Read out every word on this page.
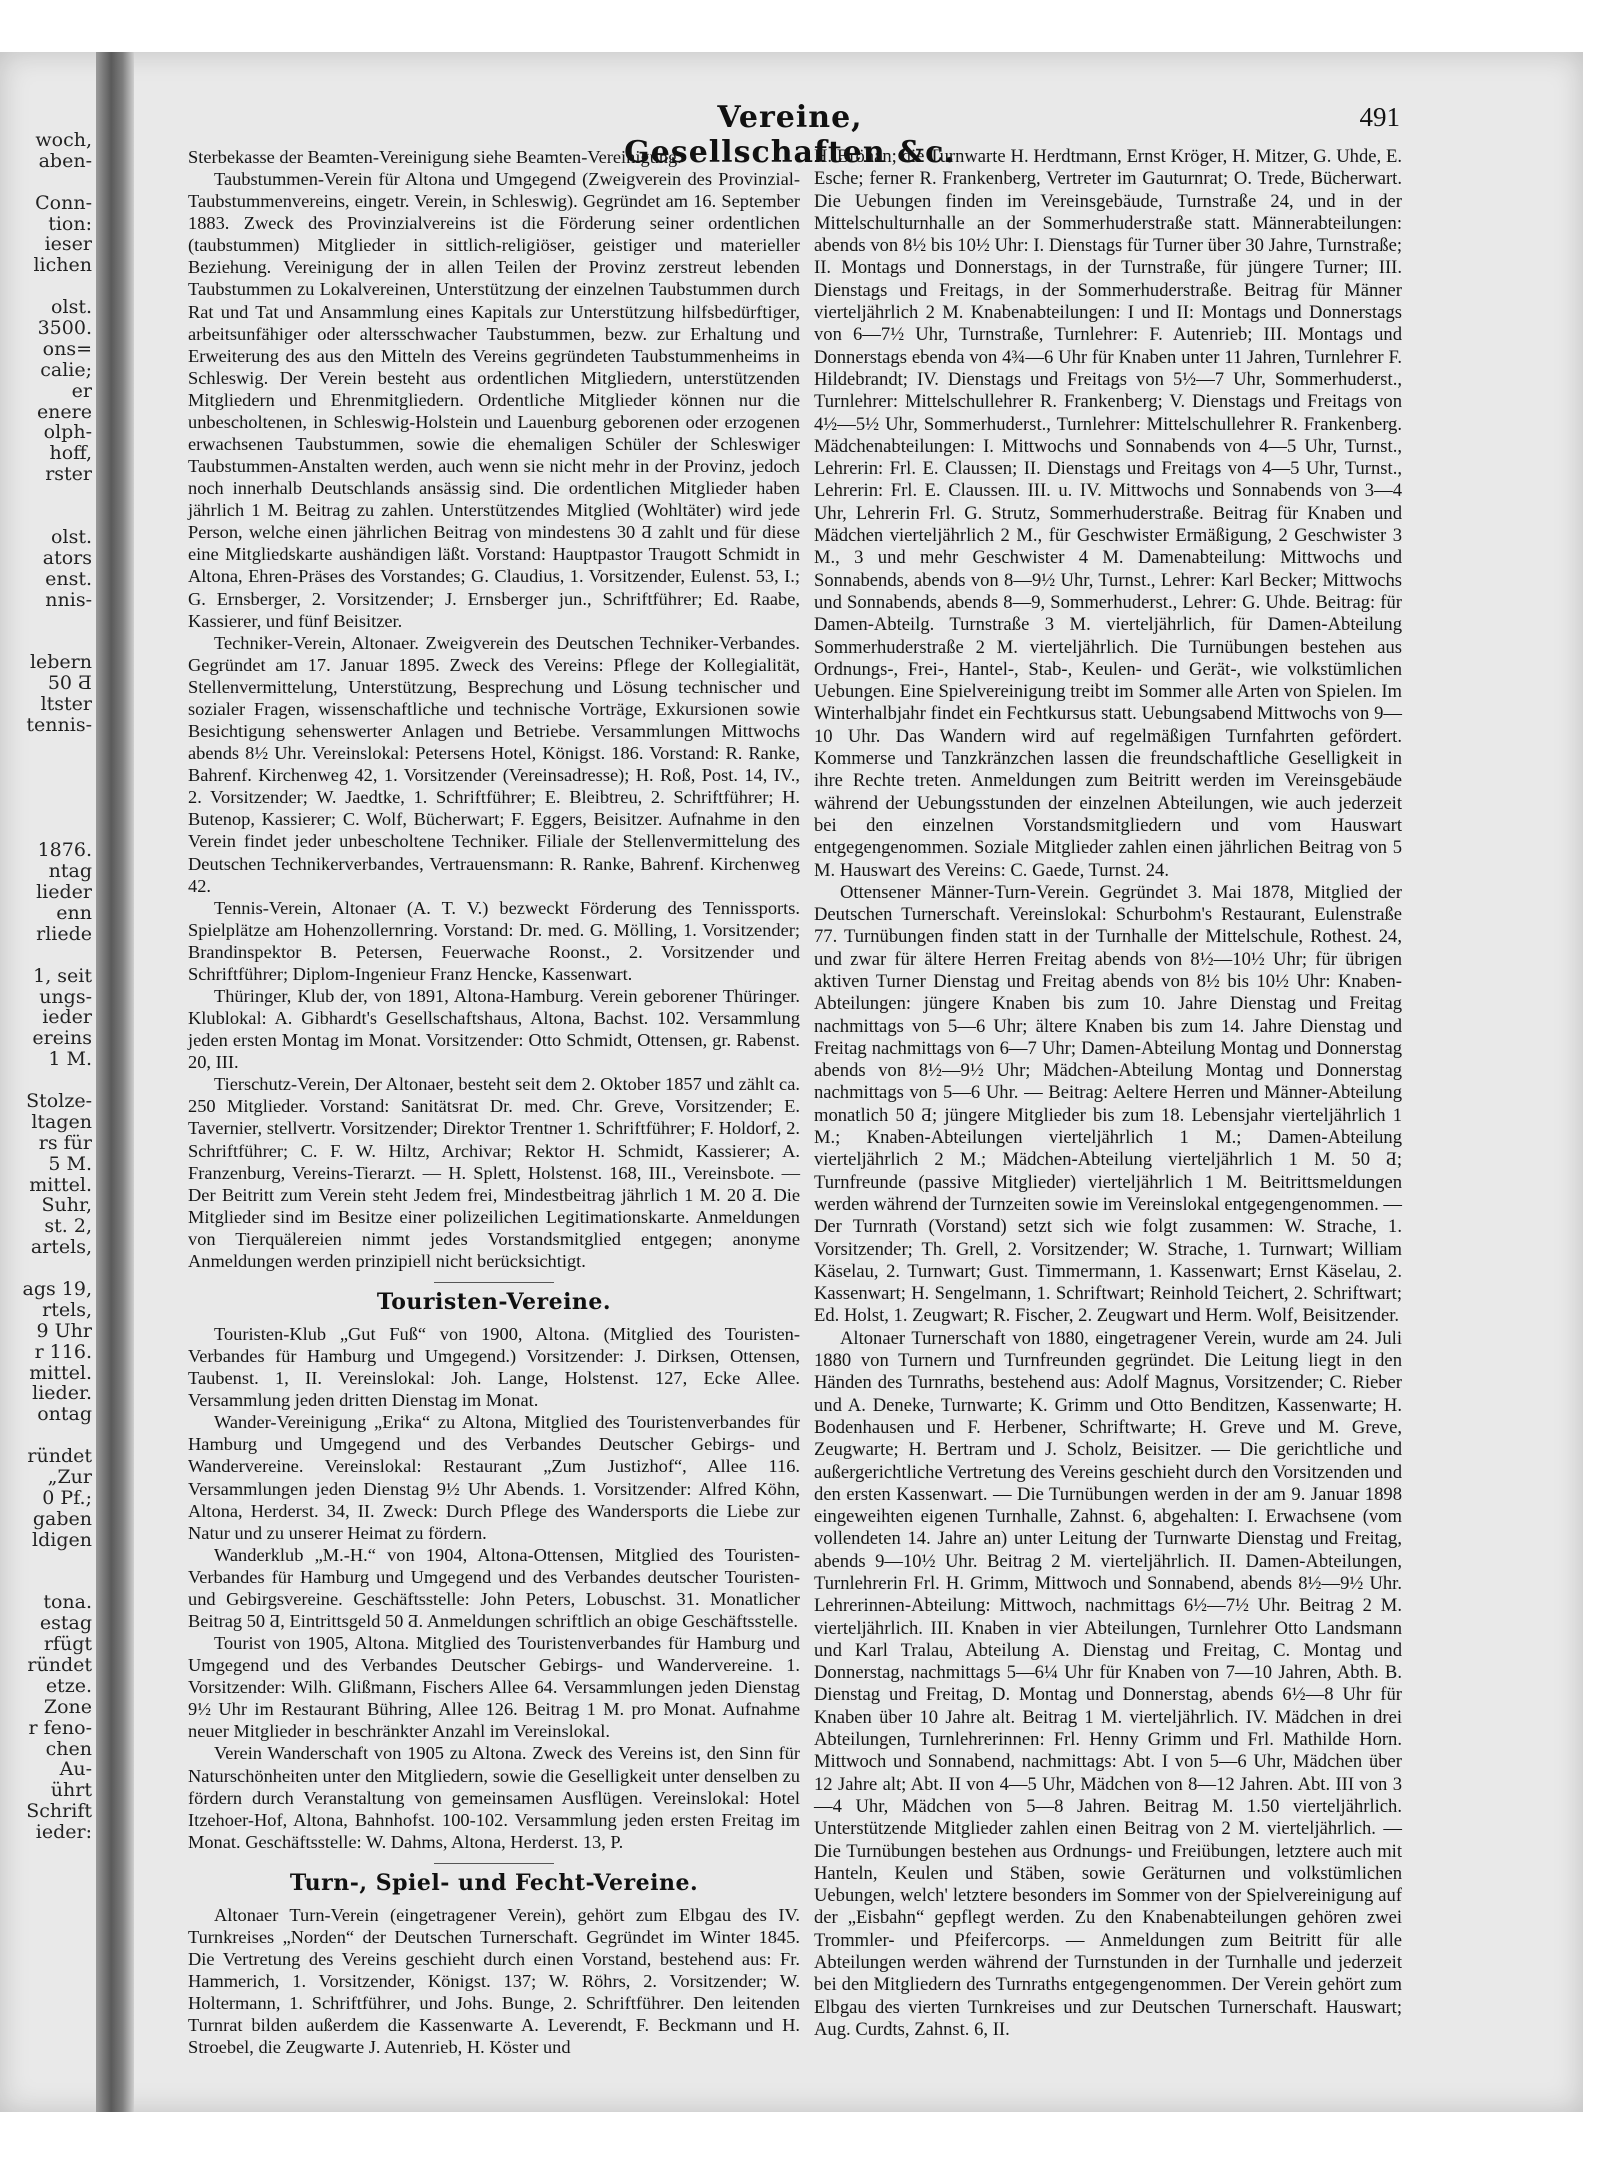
woch,
aben-
Conn-
tion:
ieser
lichen
olst.
3500.
ons=
calie;
er
enere
olph-
hoff,
rster
olst.
ators
enst.
nnis-
lebern
50 Ƌ
ltster
tennis-
1876.
ntag
lieder
enn
rliede
1, seit
ungs-
ieder
ereins
1 M.
Stolze-
ltagen
rs für
5 M.
mittel.
Suhr,
st. 2,
artels,
ags 19,
rtels,
9 Uhr
r 116.
mittel.
lieder.
ontag
ründet
„Zur
0 Pf.;
gaben
ldigen
tona.
estag
rfügt
ründet
etze.
Zone
r feno-
chen
Au-
ührt
Schrift
ieder:
Vereine, Gesellschaften &c.
491

Sterbekasse der Beamten-Vereinigung siehe Beamten-Vereinigung.

Taubstummen-Verein für Altona und Umgegend (Zweigverein des Provinzial-Taubstummenvereins, eingetr. Verein, in Schleswig). Gegründet am 16. September 1883. Zweck des Provinzialvereins ist die Förderung seiner ordentlichen (taubstummen) Mitglieder in sittlich-religiöser, geistiger und materieller Beziehung. Vereinigung der in allen Teilen der Provinz zerstreut lebenden Taubstummen zu Lokalvereinen, Unterstützung der einzelnen Taubstummen durch Rat und Tat und Ansammlung eines Kapitals zur Unterstützung hilfsbedürftiger, arbeitsunfähiger oder altersschwacher Taubstummen, bezw. zur Erhaltung und Erweiterung des aus den Mitteln des Vereins gegründeten Taubstummenheims in Schleswig. Der Verein besteht aus ordentlichen Mitgliedern, unterstützenden Mitgliedern und Ehrenmitgliedern. Ordentliche Mitglieder können nur die unbescholtenen, in Schleswig-Holstein und Lauenburg geborenen oder erzogenen erwachsenen Taubstummen, sowie die ehemaligen Schüler der Schleswiger Taubstummen-Anstalten werden, auch wenn sie nicht mehr in der Provinz, jedoch noch innerhalb Deutschlands ansässig sind. Die ordentlichen Mitglieder haben jährlich 1 M. Beitrag zu zahlen. Unterstützendes Mitglied (Wohltäter) wird jede Person, welche einen jährlichen Beitrag von mindestens 30 Ƌ zahlt und für diese eine Mitgliedskarte aushändigen läßt. Vorstand: Hauptpastor Traugott Schmidt in Altona, Ehren-Präses des Vorstandes; G. Claudius, 1. Vorsitzender, Eulenst. 53, I.; G. Ernsberger, 2. Vorsitzender; J. Ernsberger jun., Schriftführer; Ed. Raabe, Kassierer, und fünf Beisitzer.

Techniker-Verein, Altonaer. Zweigverein des Deutschen Techniker-Verbandes. Gegründet am 17. Januar 1895. Zweck des Vereins: Pflege der Kollegialität, Stellenvermittelung, Unterstützung, Besprechung und Lösung technischer und sozialer Fragen, wissenschaftliche und technische Vorträge, Exkursionen sowie Besichtigung sehenswerter Anlagen und Betriebe. Versammlungen Mittwochs abends 8½ Uhr. Vereinslokal: Petersens Hotel, Königst. 186. Vorstand: R. Ranke, Bahrenf. Kirchenweg 42, 1. Vorsitzender (Vereinsadresse); H. Roß, Post. 14, IV., 2. Vorsitzender; W. Jaedtke, 1. Schriftführer; E. Bleibtreu, 2. Schriftführer; H. Butenop, Kassierer; C. Wolf, Bücherwart; F. Eggers, Beisitzer. Aufnahme in den Verein findet jeder unbescholtene Techniker. Filiale der Stellenvermittelung des Deutschen Technikerverbandes, Vertrauensmann: R. Ranke, Bahrenf. Kirchenweg 42.

Tennis-Verein, Altonaer (A. T. V.) bezweckt Förderung des Tennissports. Spielplätze am Hohenzollernring. Vorstand: Dr. med. G. Mölling, 1. Vorsitzender; Brandinspektor B. Petersen, Feuerwache Roonst., 2. Vorsitzender und Schriftführer; Diplom-Ingenieur Franz Hencke, Kassenwart.

Thüringer, Klub der, von 1891, Altona-Hamburg. Verein geborener Thüringer. Klublokal: A. Gibhardt's Gesellschaftshaus, Altona, Bachst. 102. Versammlung jeden ersten Montag im Monat. Vorsitzender: Otto Schmidt, Ottensen, gr. Rabenst. 20, III.

Tierschutz-Verein, Der Altonaer, besteht seit dem 2. Oktober 1857 und zählt ca. 250 Mitglieder. Vorstand: Sanitätsrat Dr. med. Chr. Greve, Vorsitzender; E. Tavernier, stellvertr. Vorsitzender; Direktor Trentner 1. Schriftführer; F. Holdorf, 2. Schriftführer; C. F. W. Hiltz, Archivar; Rektor H. Schmidt, Kassierer; A. Franzenburg, Vereins-Tierarzt. — H. Splett, Holstenst. 168, III., Vereinsbote. — Der Beitritt zum Verein steht Jedem frei, Mindestbeitrag jährlich 1 M. 20 Ƌ. Die Mitglieder sind im Besitze einer polizeilichen Legitimationskarte. Anmeldungen von Tierquälereien nimmt jedes Vorstandsmitglied entgegen; anonyme Anmeldungen werden prinzipiell nicht berücksichtigt.

Touristen-Vereine.

Touristen-Klub „Gut Fuß“ von 1900, Altona. (Mitglied des Touristen-Verbandes für Hamburg und Umgegend.) Vorsitzender: J. Dirksen, Ottensen, Taubenst. 1, II. Vereinslokal: Joh. Lange, Holstenst. 127, Ecke Allee. Versammlung jeden dritten Dienstag im Monat.

Wander-Vereinigung „Erika“ zu Altona, Mitglied des Touristenverbandes für Hamburg und Umgegend und des Verbandes Deutscher Gebirgs- und Wandervereine. Vereinslokal: Restaurant „Zum Justizhof“, Allee 116. Versammlungen jeden Dienstag 9½ Uhr Abends. 1. Vorsitzender: Alfred Köhn, Altona, Herderst. 34, II. Zweck: Durch Pflege des Wandersports die Liebe zur Natur und zu unserer Heimat zu fördern.

Wanderklub „M.-H.“ von 1904, Altona-Ottensen, Mitglied des Touristen-Verbandes für Hamburg und Umgegend und des Verbandes deutscher Touristen- und Gebirgsvereine. Geschäftsstelle: John Peters, Lobuschst. 31. Monatlicher Beitrag 50 Ƌ, Eintrittsgeld 50 Ƌ. Anmeldungen schriftlich an obige Geschäftsstelle.

Tourist von 1905, Altona. Mitglied des Touristenverbandes für Hamburg und Umgegend und des Verbandes Deutscher Gebirgs- und Wandervereine. 1. Vorsitzender: Wilh. Glißmann, Fischers Allee 64. Versammlungen jeden Dienstag 9½ Uhr im Restaurant Bühring, Allee 126. Beitrag 1 M. pro Monat. Aufnahme neuer Mitglieder in beschränkter Anzahl im Vereinslokal.

Verein Wanderschaft von 1905 zu Altona. Zweck des Vereins ist, den Sinn für Naturschönheiten unter den Mitgliedern, sowie die Geselligkeit unter denselben zu fördern durch Veranstaltung von gemeinsamen Ausflügen. Vereinslokal: Hotel Itzehoer-Hof, Altona, Bahnhofst. 100-102. Versammlung jeden ersten Freitag im Monat. Geschäftsstelle: W. Dahms, Altona, Herderst. 13, P.

Turn-, Spiel- und Fecht-Vereine.

Altonaer Turn-Verein (eingetragener Verein), gehört zum Elbgau des IV. Turnkreises „Norden“ der Deutschen Turnerschaft. Gegründet im Winter 1845. Die Vertretung des Vereins geschieht durch einen Vorstand, bestehend aus: Fr. Hammerich, 1. Vorsitzender, Königst. 137; W. Röhrs, 2. Vorsitzender; W. Holtermann, 1. Schriftführer, und Johs. Bunge, 2. Schriftführer. Den leitenden Turnrat bilden außerdem die Kassenwarte A. Leverendt, F. Beckmann und H. Stroebel, die Zeugwarte J. Autenrieb, H. Köster und

H. Bröhan; die Turnwarte H. Herdtmann, Ernst Kröger, H. Mitzer, G. Uhde, E. Esche; ferner R. Frankenberg, Vertreter im Gauturnrat; O. Trede, Bücherwart. Die Uebungen finden im Vereinsgebäude, Turnstraße 24, und in der Mittelschulturnhalle an der Sommerhuderstraße statt. Männerabteilungen: abends von 8½ bis 10½ Uhr: I. Dienstags für Turner über 30 Jahre, Turnstraße; II. Montags und Donnerstags, in der Turnstraße, für jüngere Turner; III. Dienstags und Freitags, in der Sommerhuderstraße. Beitrag für Männer vierteljährlich 2 M. Knabenabteilungen: I und II: Montags und Donnerstags von 6—7½ Uhr, Turnstraße, Turnlehrer: F. Autenrieb; III. Montags und Donnerstags ebenda von 4¾—6 Uhr für Knaben unter 11 Jahren, Turnlehrer F. Hildebrandt; IV. Dienstags und Freitags von 5½—7 Uhr, Sommerhuderst., Turnlehrer: Mittelschullehrer R. Frankenberg; V. Dienstags und Freitags von 4½—5½ Uhr, Sommerhuderst., Turnlehrer: Mittelschullehrer R. Frankenberg. Mädchenabteilungen: I. Mittwochs und Sonnabends von 4—5 Uhr, Turnst., Lehrerin: Frl. E. Claussen; II. Dienstags und Freitags von 4—5 Uhr, Turnst., Lehrerin: Frl. E. Claussen. III. u. IV. Mittwochs und Sonnabends von 3—4 Uhr, Lehrerin Frl. G. Strutz, Sommerhuderstraße. Beitrag für Knaben und Mädchen vierteljährlich 2 M., für Geschwister Ermäßigung, 2 Geschwister 3 M., 3 und mehr Geschwister 4 M. Damenabteilung: Mittwochs und Sonnabends, abends von 8—9½ Uhr, Turnst., Lehrer: Karl Becker; Mittwochs und Sonnabends, abends 8—9, Sommerhuderst., Lehrer: G. Uhde. Beitrag: für Damen-Abteilg. Turnstraße 3 M. vierteljährlich, für Damen-Abteilung Sommerhuderstraße 2 M. vierteljährlich. Die Turnübungen bestehen aus Ordnungs-, Frei-, Hantel-, Stab-, Keulen- und Gerät-, wie volkstümlichen Uebungen. Eine Spielvereinigung treibt im Sommer alle Arten von Spielen. Im Winterhalbjahr findet ein Fechtkursus statt. Uebungsabend Mittwochs von 9—10 Uhr. Das Wandern wird auf regelmäßigen Turnfahrten gefördert. Kommerse und Tanzkränzchen lassen die freundschaftliche Geselligkeit in ihre Rechte treten. Anmeldungen zum Beitritt werden im Vereinsgebäude während der Uebungsstunden der einzelnen Abteilungen, wie auch jederzeit bei den einzelnen Vorstandsmitgliedern und vom Hauswart entgegengenommen. Soziale Mitglieder zahlen einen jährlichen Beitrag von 5 M. Hauswart des Vereins: C. Gaede, Turnst. 24.

Ottensener Männer-Turn-Verein. Gegründet 3. Mai 1878, Mitglied der Deutschen Turnerschaft. Vereinslokal: Schurbohm's Restaurant, Eulenstraße 77. Turnübungen finden statt in der Turnhalle der Mittelschule, Rothest. 24, und zwar für ältere Herren Freitag abends von 8½—10½ Uhr; für übrigen aktiven Turner Dienstag und Freitag abends von 8½ bis 10½ Uhr: Knaben-Abteilungen: jüngere Knaben bis zum 10. Jahre Dienstag und Freitag nachmittags von 5—6 Uhr; ältere Knaben bis zum 14. Jahre Dienstag und Freitag nachmittags von 6—7 Uhr; Damen-Abteilung Montag und Donnerstag abends von 8½—9½ Uhr; Mädchen-Abteilung Montag und Donnerstag nachmittags von 5—6 Uhr. — Beitrag: Aeltere Herren und Männer-Abteilung monatlich 50 Ƌ; jüngere Mitglieder bis zum 18. Lebensjahr vierteljährlich 1 M.; Knaben-Abteilungen vierteljährlich 1 M.; Damen-Abteilung vierteljährlich 2 M.; Mädchen-Abteilung vierteljährlich 1 M. 50 Ƌ; Turnfreunde (passive Mitglieder) vierteljährlich 1 M. Beitrittsmeldungen werden während der Turnzeiten sowie im Vereinslokal entgegengenommen. — Der Turnrath (Vorstand) setzt sich wie folgt zusammen: W. Strache, 1. Vorsitzender; Th. Grell, 2. Vorsitzender; W. Strache, 1. Turnwart; William Käselau, 2. Turnwart; Gust. Timmermann, 1. Kassenwart; Ernst Käselau, 2. Kassenwart; H. Sengelmann, 1. Schriftwart; Reinhold Teichert, 2. Schriftwart; Ed. Holst, 1. Zeugwart; R. Fischer, 2. Zeugwart und Herm. Wolf, Beisitzender.

Altonaer Turnerschaft von 1880, eingetragener Verein, wurde am 24. Juli 1880 von Turnern und Turnfreunden gegründet. Die Leitung liegt in den Händen des Turnraths, bestehend aus: Adolf Magnus, Vorsitzender; C. Rieber und A. Deneke, Turnwarte; K. Grimm und Otto Benditzen, Kassenwarte; H. Bodenhausen und F. Herbener, Schriftwarte; H. Greve und M. Greve, Zeugwarte; H. Bertram und J. Scholz, Beisitzer. — Die gerichtliche und außergerichtliche Vertretung des Vereins geschieht durch den Vorsitzenden und den ersten Kassenwart. — Die Turnübungen werden in der am 9. Januar 1898 eingeweihten eigenen Turnhalle, Zahnst. 6, abgehalten: I. Erwachsene (vom vollendeten 14. Jahre an) unter Leitung der Turnwarte Dienstag und Freitag, abends 9—10½ Uhr. Beitrag 2 M. vierteljährlich. II. Damen-Abteilungen, Turnlehrerin Frl. H. Grimm, Mittwoch und Sonnabend, abends 8½—9½ Uhr. Lehrerinnen-Abteilung: Mittwoch, nachmittags 6½—7½ Uhr. Beitrag 2 M. vierteljährlich. III. Knaben in vier Abteilungen, Turnlehrer Otto Landsmann und Karl Tralau, Abteilung A. Dienstag und Freitag, C. Montag und Donnerstag, nachmittags 5—6¼ Uhr für Knaben von 7—10 Jahren, Abth. B. Dienstag und Freitag, D. Montag und Donnerstag, abends 6½—8 Uhr für Knaben über 10 Jahre alt. Beitrag 1 M. vierteljährlich. IV. Mädchen in drei Abteilungen, Turnlehrerinnen: Frl. Henny Grimm und Frl. Mathilde Horn. Mittwoch und Sonnabend, nachmittags: Abt. I von 5—6 Uhr, Mädchen über 12 Jahre alt; Abt. II von 4—5 Uhr, Mädchen von 8—12 Jahren. Abt. III von 3—4 Uhr, Mädchen von 5—8 Jahren. Beitrag M. 1.50 vierteljährlich. Unterstützende Mitglieder zahlen einen Beitrag von 2 M. vierteljährlich. — Die Turnübungen bestehen aus Ordnungs- und Freiübungen, letztere auch mit Hanteln, Keulen und Stäben, sowie Geräturnen und volkstümlichen Uebungen, welch' letztere besonders im Sommer von der Spielvereinigung auf der „Eisbahn“ gepflegt werden. Zu den Knabenabteilungen gehören zwei Trommler- und Pfeifercorps. — Anmeldungen zum Beitritt für alle Abteilungen werden während der Turnstunden in der Turnhalle und jederzeit bei den Mitgliedern des Turnraths entgegengenommen. Der Verein gehört zum Elbgau des vierten Turnkreises und zur Deutschen Turnerschaft. Hauswart; Aug. Curdts, Zahnst. 6, II.
